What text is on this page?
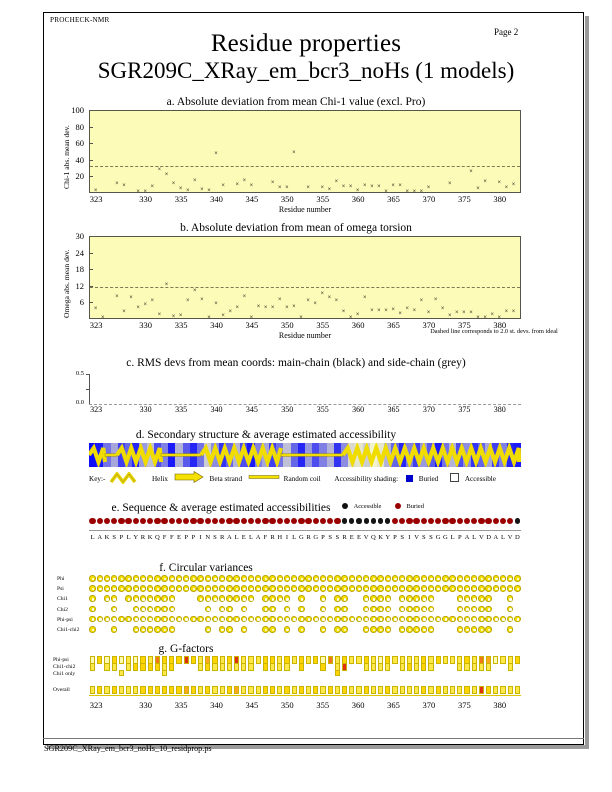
PROCHECK-NMR
Page 2
Residue properties
SGR209C_XRay_em_bcr3_noHs (1 models)
a. Absolute deviation from mean Chi-1 value (excl. Pro)
Chi-1 abs. mean dev.
Residue number
20
40
60
80
100
323	330	335	340	345	350	355	360	365	370	375	380
×
× ×
× ×
×
×
×
×
× ×
×
× ×
×
× ×
×
×	×
× ×
×
× × ×
×
× ×
×
× × ×
×
× ×
× × ×
×
×
×
×
× ×
×
×
b. Absolute deviation from mean of omega torsion
Omega abs. mean dev.
Residue number	Dashed line corresponds to 2.0 st. devs. from ideal
6
12
18
24
30
323	330	335	340	345	350	355	360	365	370	375	380
×
×
×
×
×
× ×
×
×
×
× ×
×
×
×
×
×
×
×
×
×
×
× × ×
×
× ×
×
× ×
×
× ×
×
× ×
×
× × × ×
×
× ×
×
×
×
×
× × × ×
× ×
× ×
× ×
c. RMS devs from mean coords: main-chain (black) and side-chain (grey)
0.5
0.0
323	330	335	340	345	350	355	360	365	370	375	380
d. Secondary structure & average estimated accessibility
Key:-	Helix	Beta strand	Random coil Accessibility shading:	Buried	Accessible
e. Sequence & average estimated accessibilities	Accessible	Buried
L A K S P L Y R K Q F F E P P I N S R A L E L A F R H I L G R G P S S R E E V Q K Y P S I V S S G G L P A L V D A L V D
f. Circular variances
Phi
Psi
Chi1
Chi2
Phi-psi
Chi1-chi2
g. G-factors
Phi-psi
Chi1-chi2
Chi1 only
Overall
323	330	335	340	345	350	355	360	365	370	375	380
SGR209C_XRay_em_bcr3_noHs_10_residprop.ps
